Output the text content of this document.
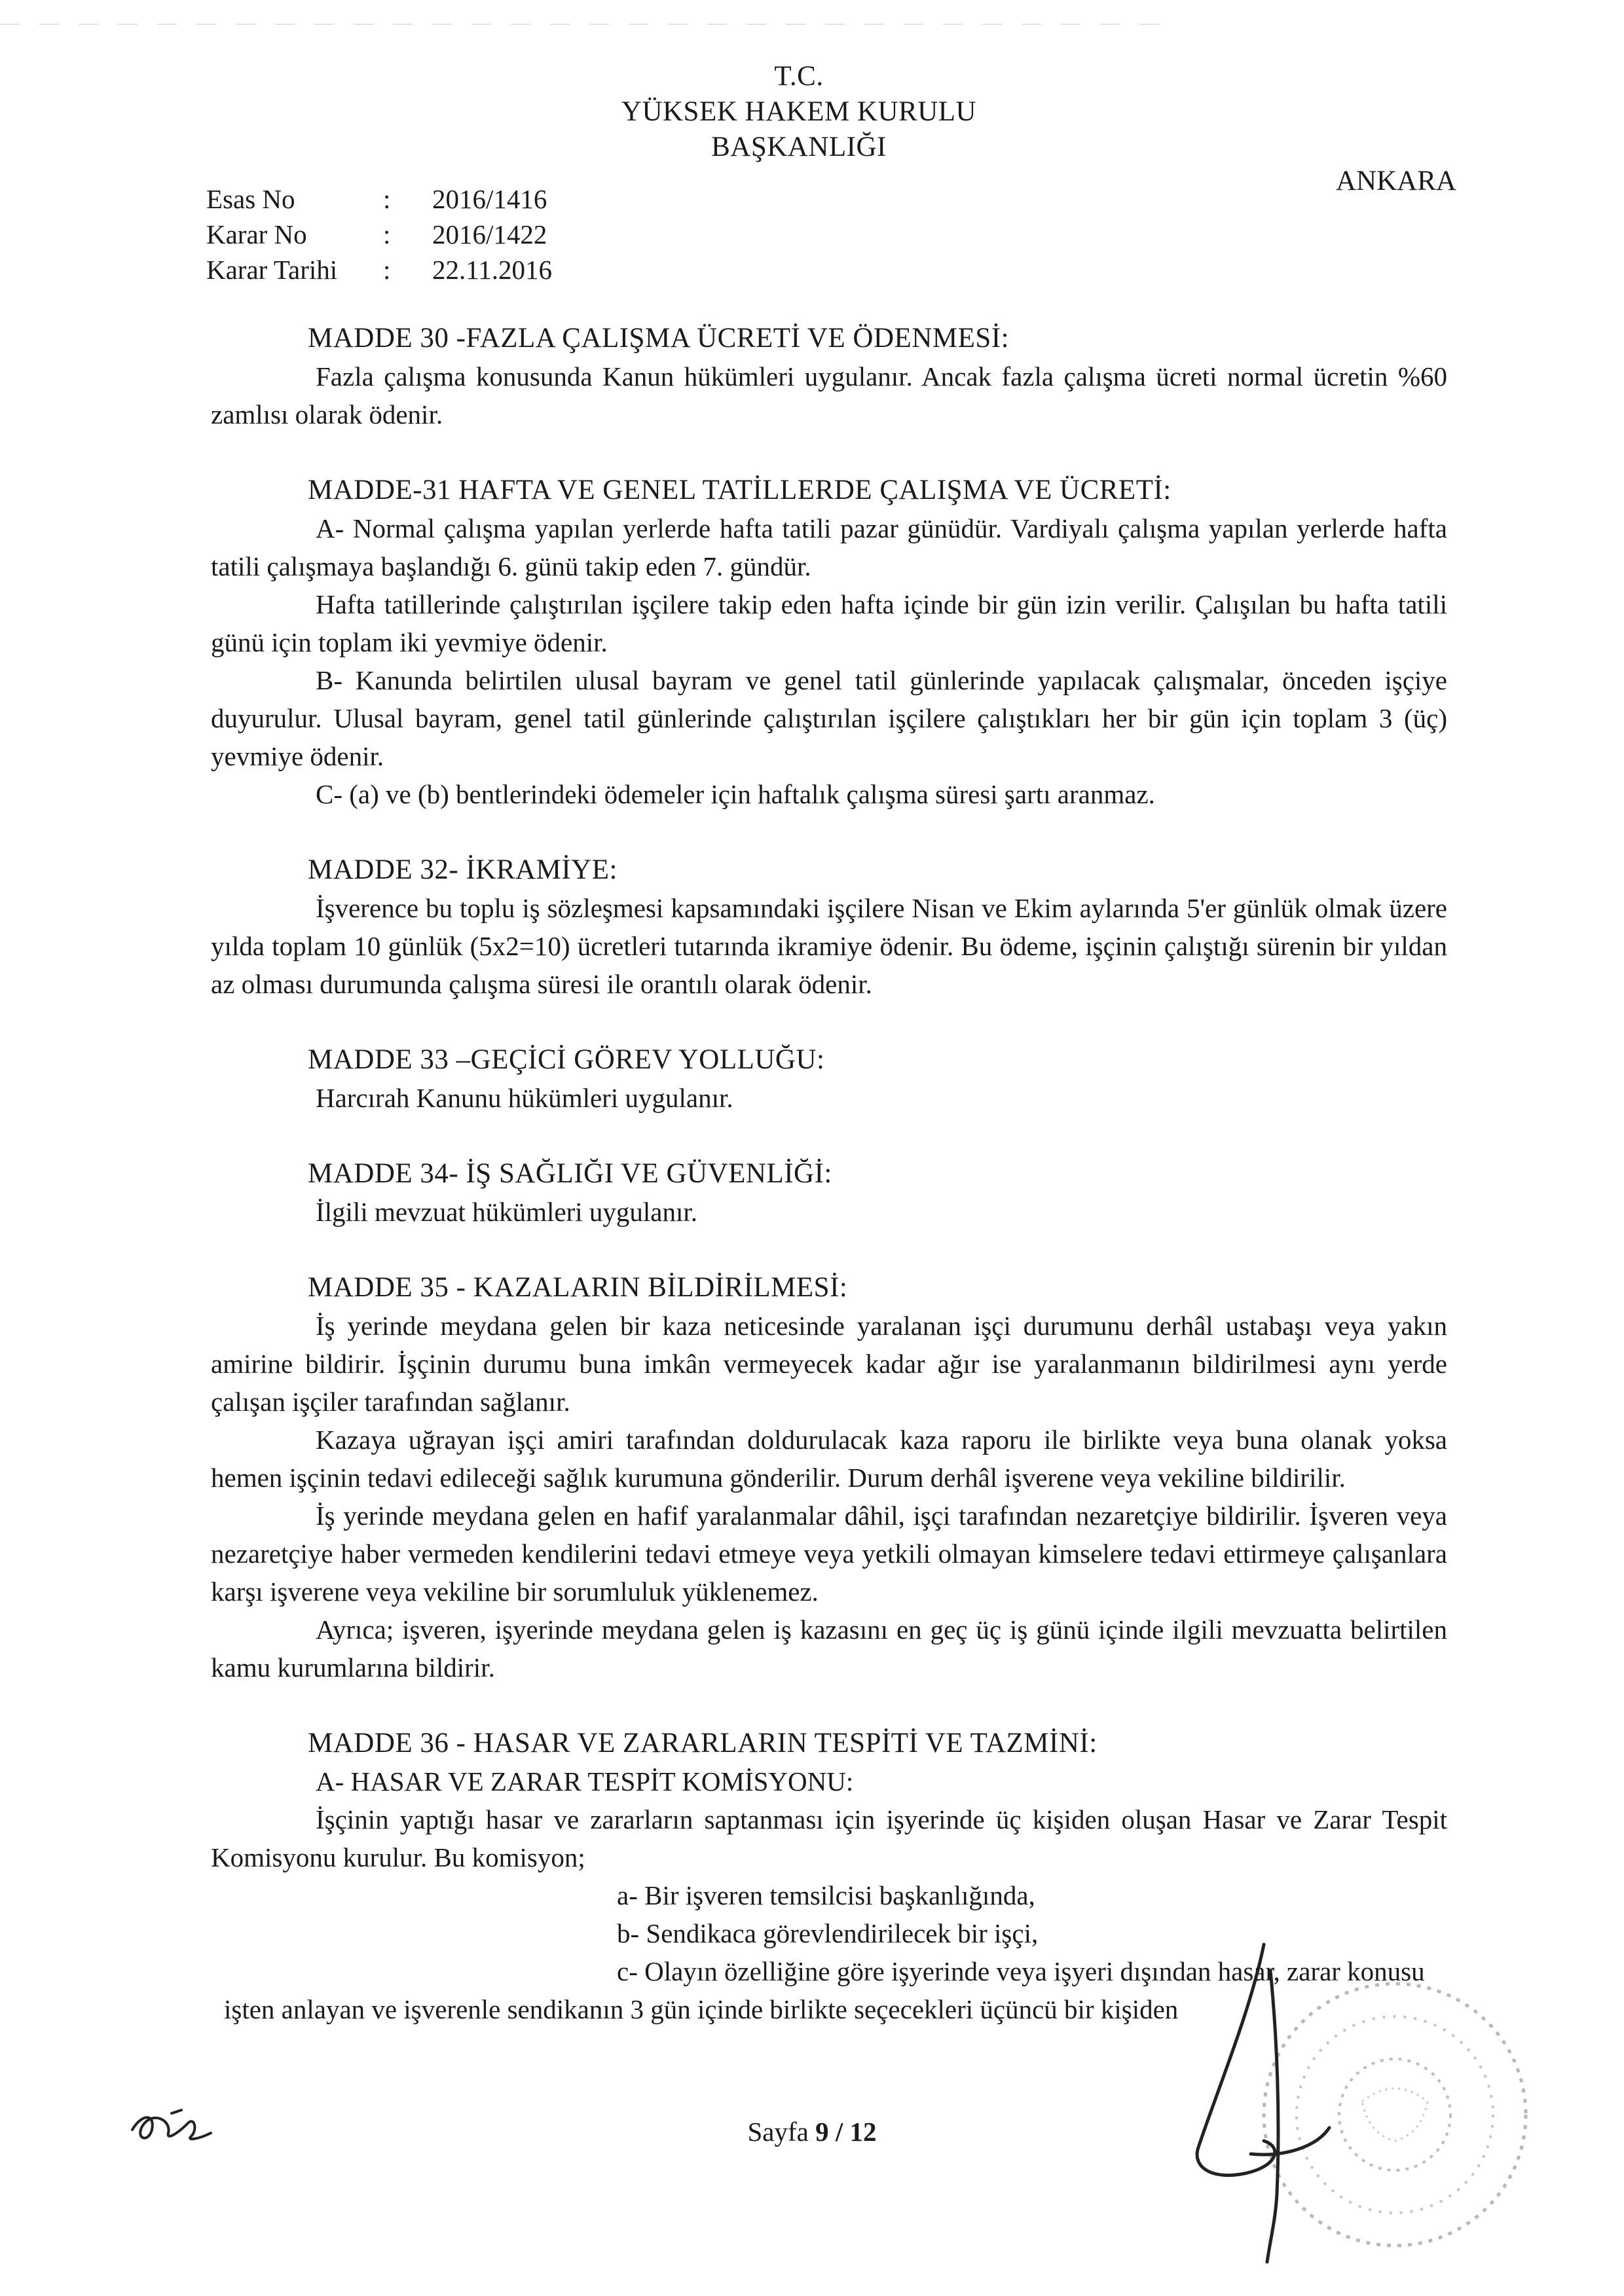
T.C.
YÜKSEK HAKEM KURULU
BAŞKANLIĞI
ANKARA
Esas No	: 2016/1416
Karar No	: 2016/1422
Karar Tarihi : 22.11.2016
MADDE 30 -FAZLA ÇALIŞMA ÜCRETİ VE ÖDENMESİ:

Fazla çalışma konusunda Kanun hükümleri uygulanır. Ancak fazla çalışma ücreti normal ücretin %60 zamlısı olarak ödenir.

MADDE-31 HAFTA VE GENEL TATİLLERDE ÇALIŞMA VE ÜCRETİ:

A- Normal çalışma yapılan yerlerde hafta tatili pazar günüdür. Vardiyalı çalışma yapılan yerlerde hafta tatili çalışmaya başlandığı 6. günü takip eden 7. gündür.

Hafta tatillerinde çalıştırılan işçilere takip eden hafta içinde bir gün izin verilir. Çalışılan bu hafta tatili günü için toplam iki yevmiye ödenir.

B- Kanunda belirtilen ulusal bayram ve genel tatil günlerinde yapılacak çalışmalar, önceden işçiye duyurulur. Ulusal bayram, genel tatil günlerinde çalıştırılan işçilere çalıştıkları her bir gün için toplam 3 (üç) yevmiye ödenir.

C- (a) ve (b) bentlerindeki ödemeler için haftalık çalışma süresi şartı aranmaz.

MADDE 32- İKRAMİYE:

İşverence bu toplu iş sözleşmesi kapsamındaki işçilere Nisan ve Ekim aylarında 5'er günlük olmak üzere yılda toplam 10 günlük (5x2=10) ücretleri tutarında ikramiye ödenir. Bu ödeme, işçinin çalıştığı sürenin bir yıldan az olması durumunda çalışma süresi ile orantılı olarak ödenir.

MADDE 33 –GEÇİCİ GÖREV YOLLUĞU:

Harcırah Kanunu hükümleri uygulanır.

MADDE 34- İŞ SAĞLIĞI VE GÜVENLİĞİ:

İlgili mevzuat hükümleri uygulanır.

MADDE 35 - KAZALARIN BİLDİRİLMESİ:

İş yerinde meydana gelen bir kaza neticesinde yaralanan işçi durumunu derhâl ustabaşı veya yakın amirine bildirir. İşçinin durumu buna imkân vermeyecek kadar ağır ise yaralanmanın bildirilmesi aynı yerde çalışan işçiler tarafından sağlanır.

Kazaya uğrayan işçi amiri tarafından doldurulacak kaza raporu ile birlikte veya buna olanak yoksa hemen işçinin tedavi edileceği sağlık kurumuna gönderilir. Durum derhâl işverene veya vekiline bildirilir.

İş yerinde meydana gelen en hafif yaralanmalar dâhil, işçi tarafından nezaretçiye bildirilir. İşveren veya nezaretçiye haber vermeden kendilerini tedavi etmeye veya yetkili olmayan kimselere tedavi ettirmeye çalışanlara karşı işverene veya vekiline bir sorumluluk yüklenemez.

Ayrıca; işveren, işyerinde meydana gelen iş kazasını en geç üç iş günü içinde ilgili mevzuatta belirtilen kamu kurumlarına bildirir.

MADDE 36 - HASAR VE ZARARLARIN TESPİTİ VE TAZMİNİ:

A- HASAR VE ZARAR TESPİT KOMİSYONU:

İşçinin yaptığı hasar ve zararların saptanması için işyerinde üç kişiden oluşan Hasar ve Zarar Tespit Komisyonu kurulur. Bu komisyon;

a- Bir işveren temsilcisi başkanlığında,

b- Sendikaca görevlendirilecek bir işçi,

c- Olayın özelliğine göre işyerinde veya işyeri dışından hasar, zarar konusu

işten anlayan ve işverenle sendikanın 3 gün içinde birlikte seçecekleri üçüncü bir kişiden

Sayfa 9 / 12
